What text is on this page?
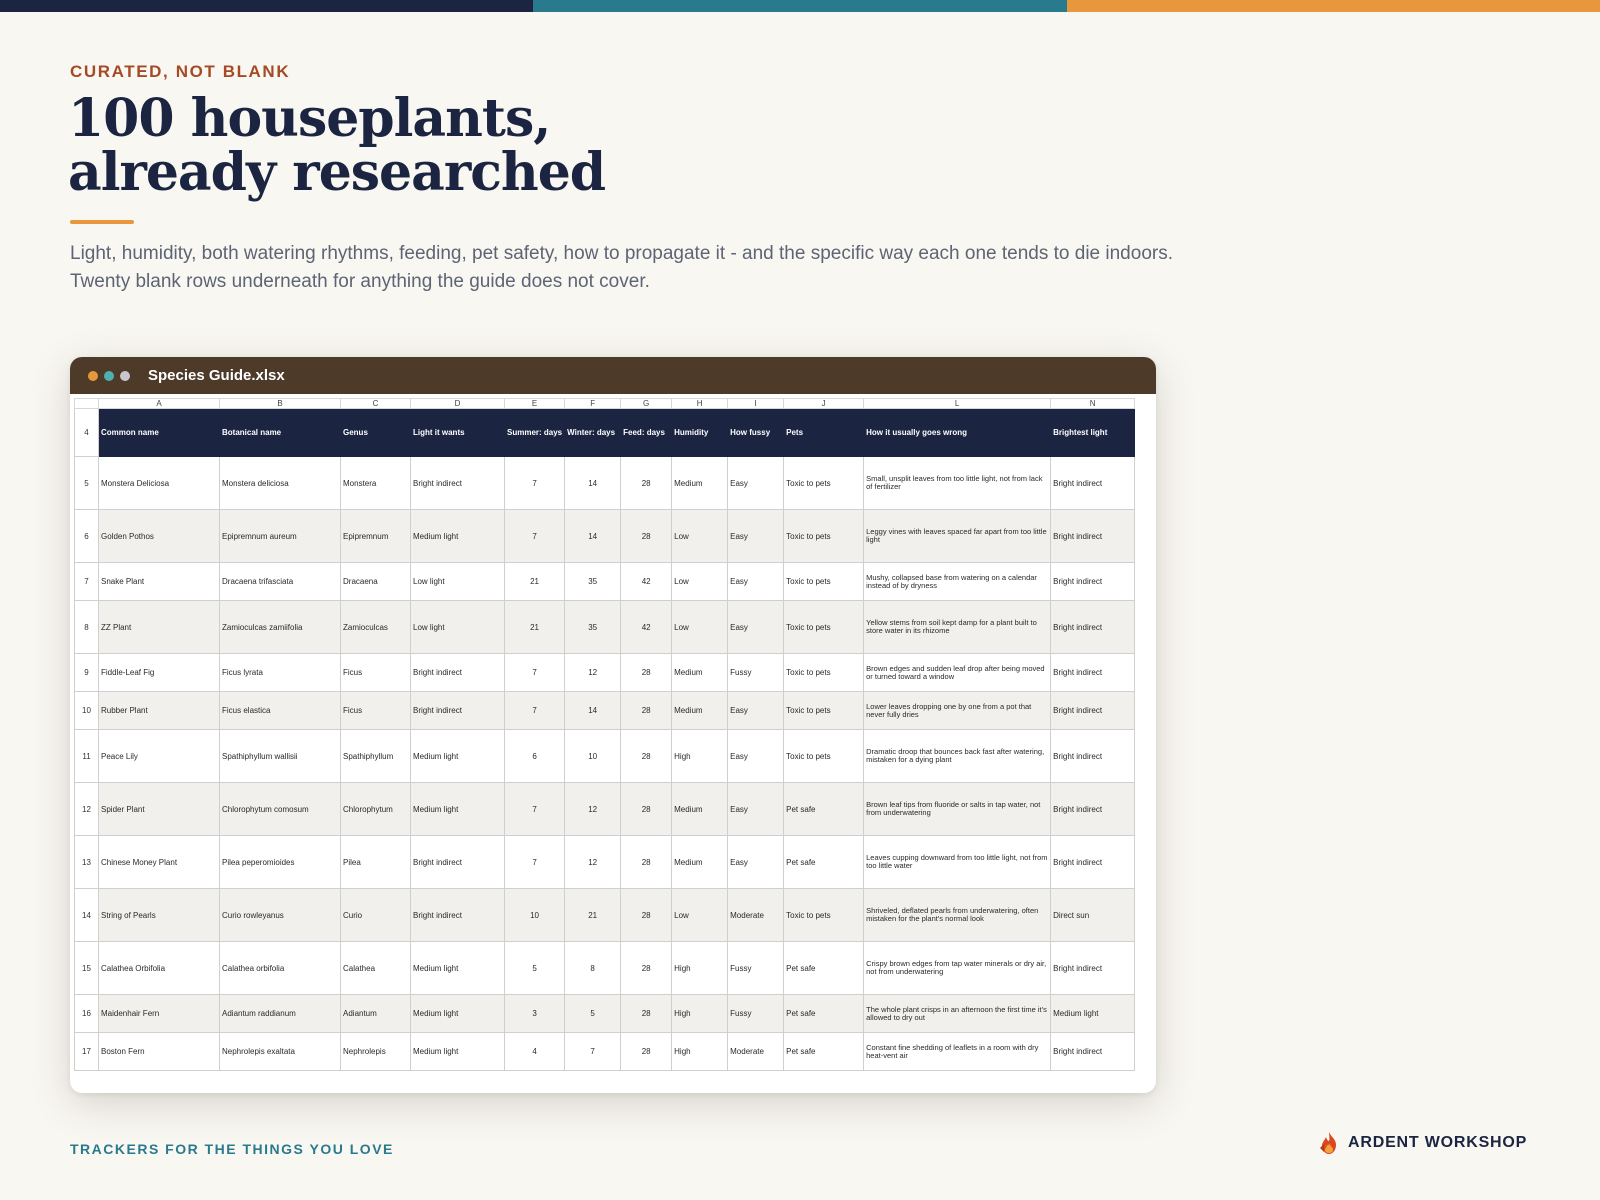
CURATED, NOT BLANK
100 houseplants,
already researched

Light, humidity, both watering rhythms, feeding, pet safety, how to propagate it - and the specific way each one tends to die indoors.
Twenty blank rows underneath for anything the guide does not cover.

Species Guide.xlsx
	A	B	C	D	E	F	G	H	I	J	L	N
4	Common name	Botanical name	Genus	Light it wants	Summer: days	Winter: days	Feed: days	Humidity	How fussy	Pets	How it usually goes wrong	Brightest light
5	Monstera Deliciosa	Monstera deliciosa	Monstera	Bright indirect	7	14	28	Medium	Easy	Toxic to pets	Small, unsplit leaves from too little light, not from lack of fertilizer	Bright indirect
6	Golden Pothos	Epipremnum aureum	Epipremnum	Medium light	7	14	28	Low	Easy	Toxic to pets	Leggy vines with leaves spaced far apart from too little light	Bright indirect
7	Snake Plant	Dracaena trifasciata	Dracaena	Low light	21	35	42	Low	Easy	Toxic to pets	Mushy, collapsed base from watering on a calendar instead of by dryness	Bright indirect
8	ZZ Plant	Zamioculcas zamiifolia	Zamioculcas	Low light	21	35	42	Low	Easy	Toxic to pets	Yellow stems from soil kept damp for a plant built to store water in its rhizome	Bright indirect
9	Fiddle-Leaf Fig	Ficus lyrata	Ficus	Bright indirect	7	12	28	Medium	Fussy	Toxic to pets	Brown edges and sudden leaf drop after being moved or turned toward a window	Bright indirect
10	Rubber Plant	Ficus elastica	Ficus	Bright indirect	7	14	28	Medium	Easy	Toxic to pets	Lower leaves dropping one by one from a pot that never fully dries	Bright indirect
11	Peace Lily	Spathiphyllum wallisii	Spathiphyllum	Medium light	6	10	28	High	Easy	Toxic to pets	Dramatic droop that bounces back fast after watering, mistaken for a dying plant	Bright indirect
12	Spider Plant	Chlorophytum comosum	Chlorophytum	Medium light	7	12	28	Medium	Easy	Pet safe	Brown leaf tips from fluoride or salts in tap water, not from underwatering	Bright indirect
13	Chinese Money Plant	Pilea peperomioides	Pilea	Bright indirect	7	12	28	Medium	Easy	Pet safe	Leaves cupping downward from too little light, not from too little water	Bright indirect
14	String of Pearls	Curio rowleyanus	Curio	Bright indirect	10	21	28	Low	Moderate	Toxic to pets	Shriveled, deflated pearls from underwatering, often mistaken for the plant's normal look	Direct sun
15	Calathea Orbifolia	Calathea orbifolia	Calathea	Medium light	5	8	28	High	Fussy	Pet safe	Crispy brown edges from tap water minerals or dry air, not from underwatering	Bright indirect
16	Maidenhair Fern	Adiantum raddianum	Adiantum	Medium light	3	5	28	High	Fussy	Pet safe	The whole plant crisps in an afternoon the first time it's allowed to dry out	Medium light
17	Boston Fern	Nephrolepis exaltata	Nephrolepis	Medium light	4	7	28	High	Moderate	Pet safe	Constant fine shedding of leaflets in a room with dry heat-vent air	Bright indirect
TRACKERS FOR THE THINGS YOU LOVE	ARDENT WORKSHOP
